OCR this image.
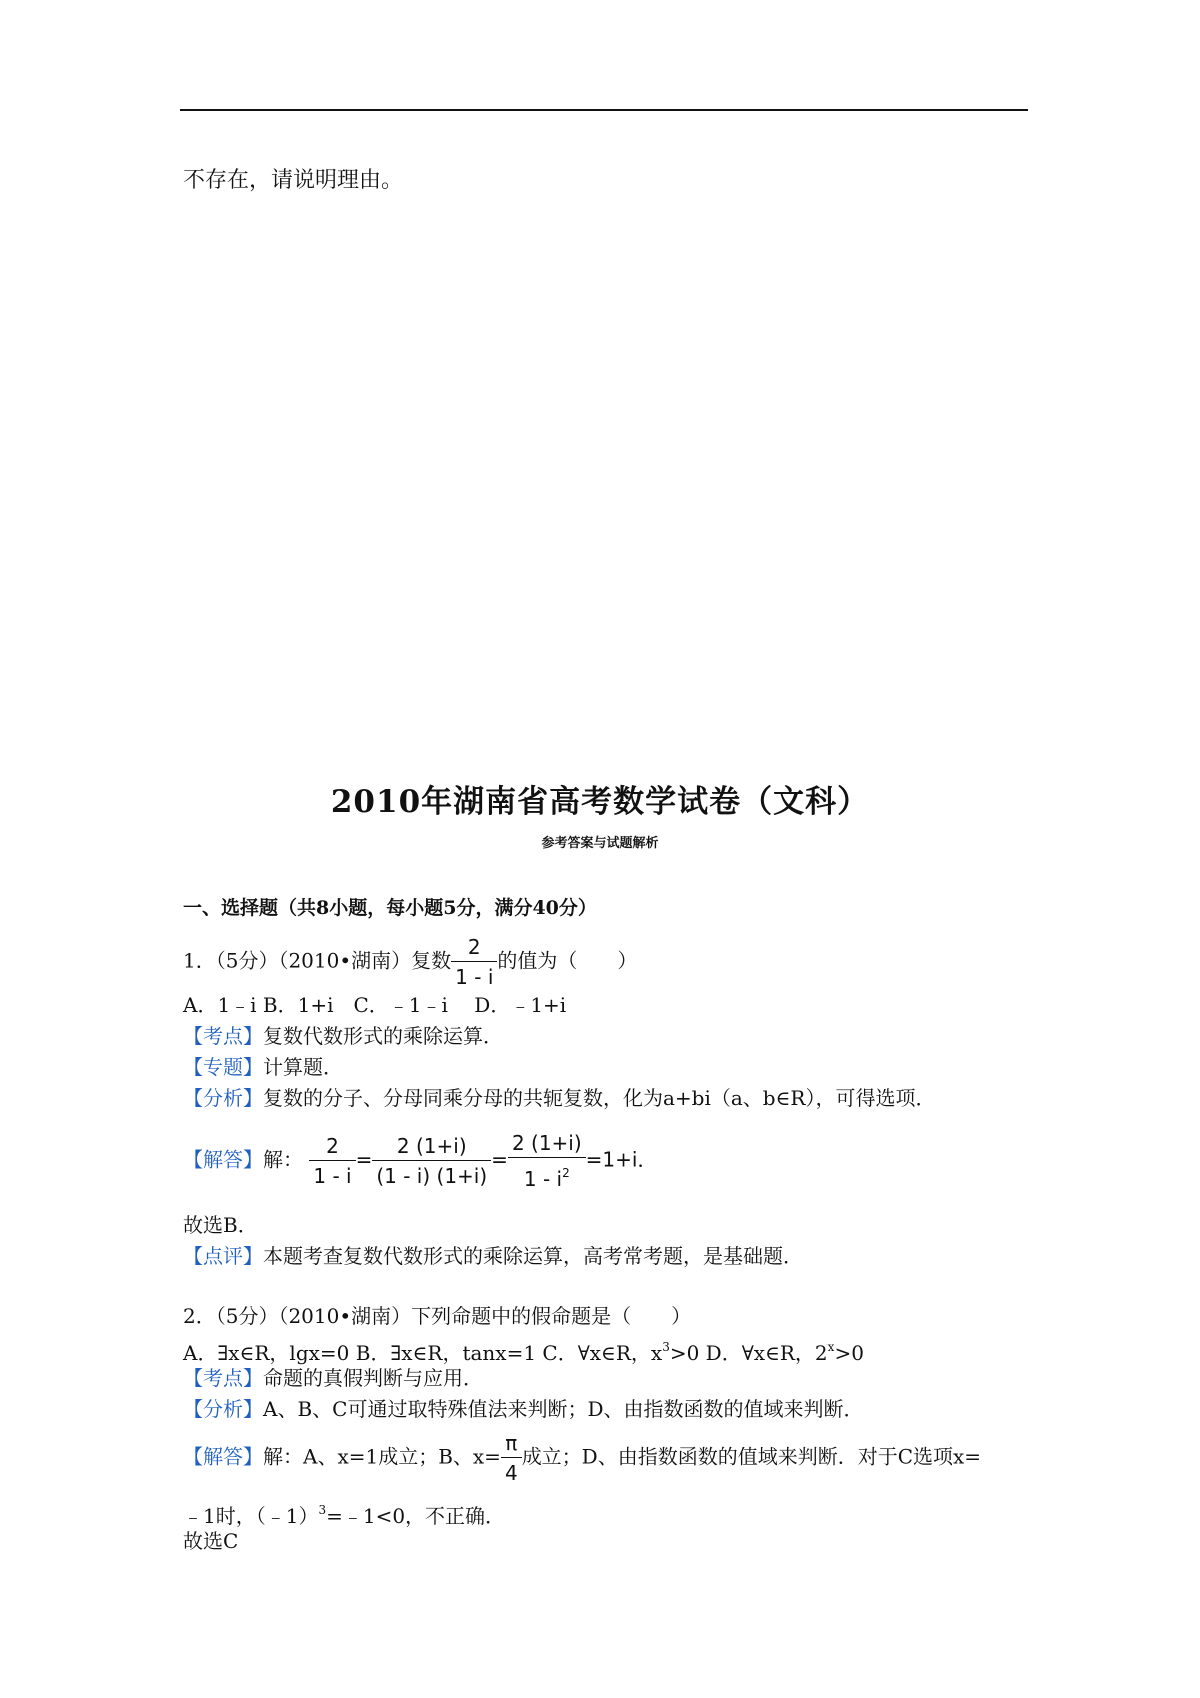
不存在，请说明理由。
2010年湖南省高考数学试卷（文科）
参考答案与试题解析
一、选择题（共8小题，每小题5分，满分40分）
1．（5分）（2010•湖南）复数 $\frac{2}{1 - i}$ 的值为（　　）
A．1﹣i B．1+i　C．﹣1﹣i　 D．﹣1+i
【考点】复数代数形式的乘除运算．
【专题】计算题．
【分析】复数的分子、分母同乘分母的共轭复数，化为a+bi（a、b∈R），可得选项．
【解答】解： $\frac{2}{1 - i} = \frac{2 (1+i)}{(1 - i) (1+i)} = \frac{2 (1+i)}{1 - i^2} =1+i$．
故选B．
【点评】本题考查复数代数形式的乘除运算，高考常考题，是基础题．
2．（5分）（2010•湖南）下列命题中的假命题是（　　）
A．∃x∈R，lgx=0 B．∃x∈R，tanx=1 C．∀x∈R，$x^3>0$ D．∀x∈R，$2^x>0$
【考点】命题的真假判断与应用．
【分析】A、B、C可通过取特殊值法来判断；D、由指数函数的值域来判断．
【解答】解：A、x=1成立；B、$x= \frac{\pi}{4}$ 成立；D、由指数函数的值域来判断．对于C选项x=
﹣1时，（﹣1）$^3$=﹣1<0，不正确．
故选C
